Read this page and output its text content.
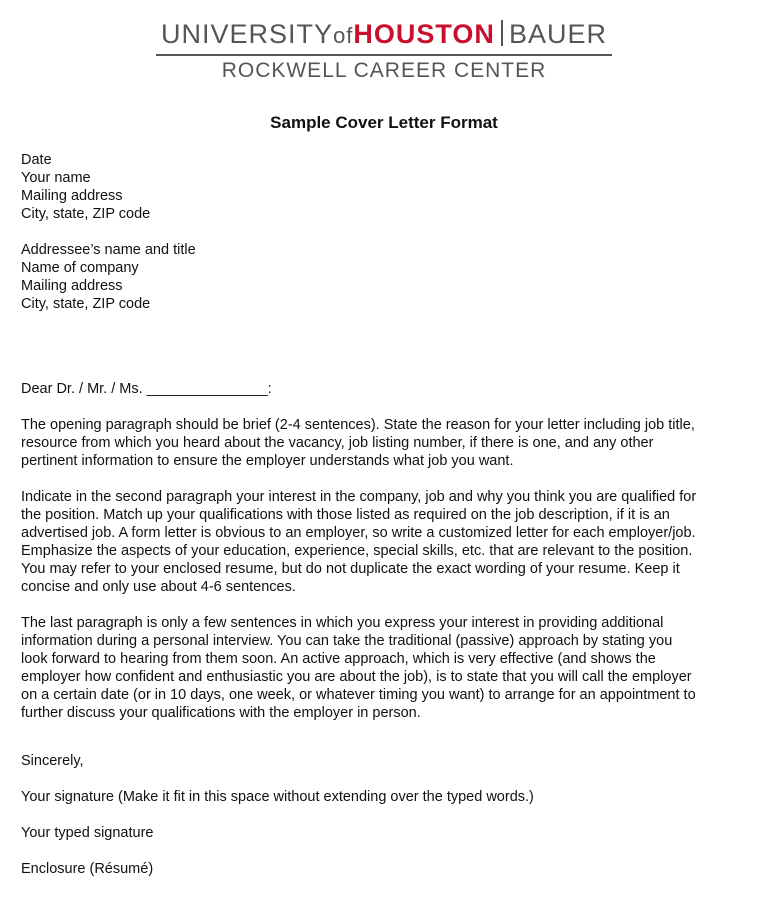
UNIVERSITYofHOUSTON BAUER
ROCKWELL CAREER CENTER
Sample Cover Letter Format
Date
Your name
Mailing address
City, state, ZIP code
Addressee’s name and title
Name of company
Mailing address
City, state, ZIP code
Dear Dr. / Mr. / Ms. _______________:
The opening paragraph should be brief (2-4 sentences). State the reason for your letter including job title,
resource from which you heard about the vacancy, job listing number, if there is one, and any other
pertinent information to ensure the employer understands what job you want.
Indicate in the second paragraph your interest in the company, job and why you think you are qualified for
the position. Match up your qualifications with those listed as required on the job description, if it is an
advertised job. A form letter is obvious to an employer, so write a customized letter for each employer/job.
Emphasize the aspects of your education, experience, special skills, etc. that are relevant to the position.
You may refer to your enclosed resume, but do not duplicate the exact wording of your resume. Keep it
concise and only use about 4-6 sentences.
The last paragraph is only a few sentences in which you express your interest in providing additional
information during a personal interview. You can take the traditional (passive) approach by stating you
look forward to hearing from them soon. An active approach, which is very effective (and shows the
employer how confident and enthusiastic you are about the job), is to state that you will call the employer
on a certain date (or in 10 days, one week, or whatever timing you want) to arrange for an appointment to
further discuss your qualifications with the employer in person.
Sincerely,
Your signature (Make it fit in this space without extending over the typed words.)
Your typed signature
Enclosure (Résumé)
